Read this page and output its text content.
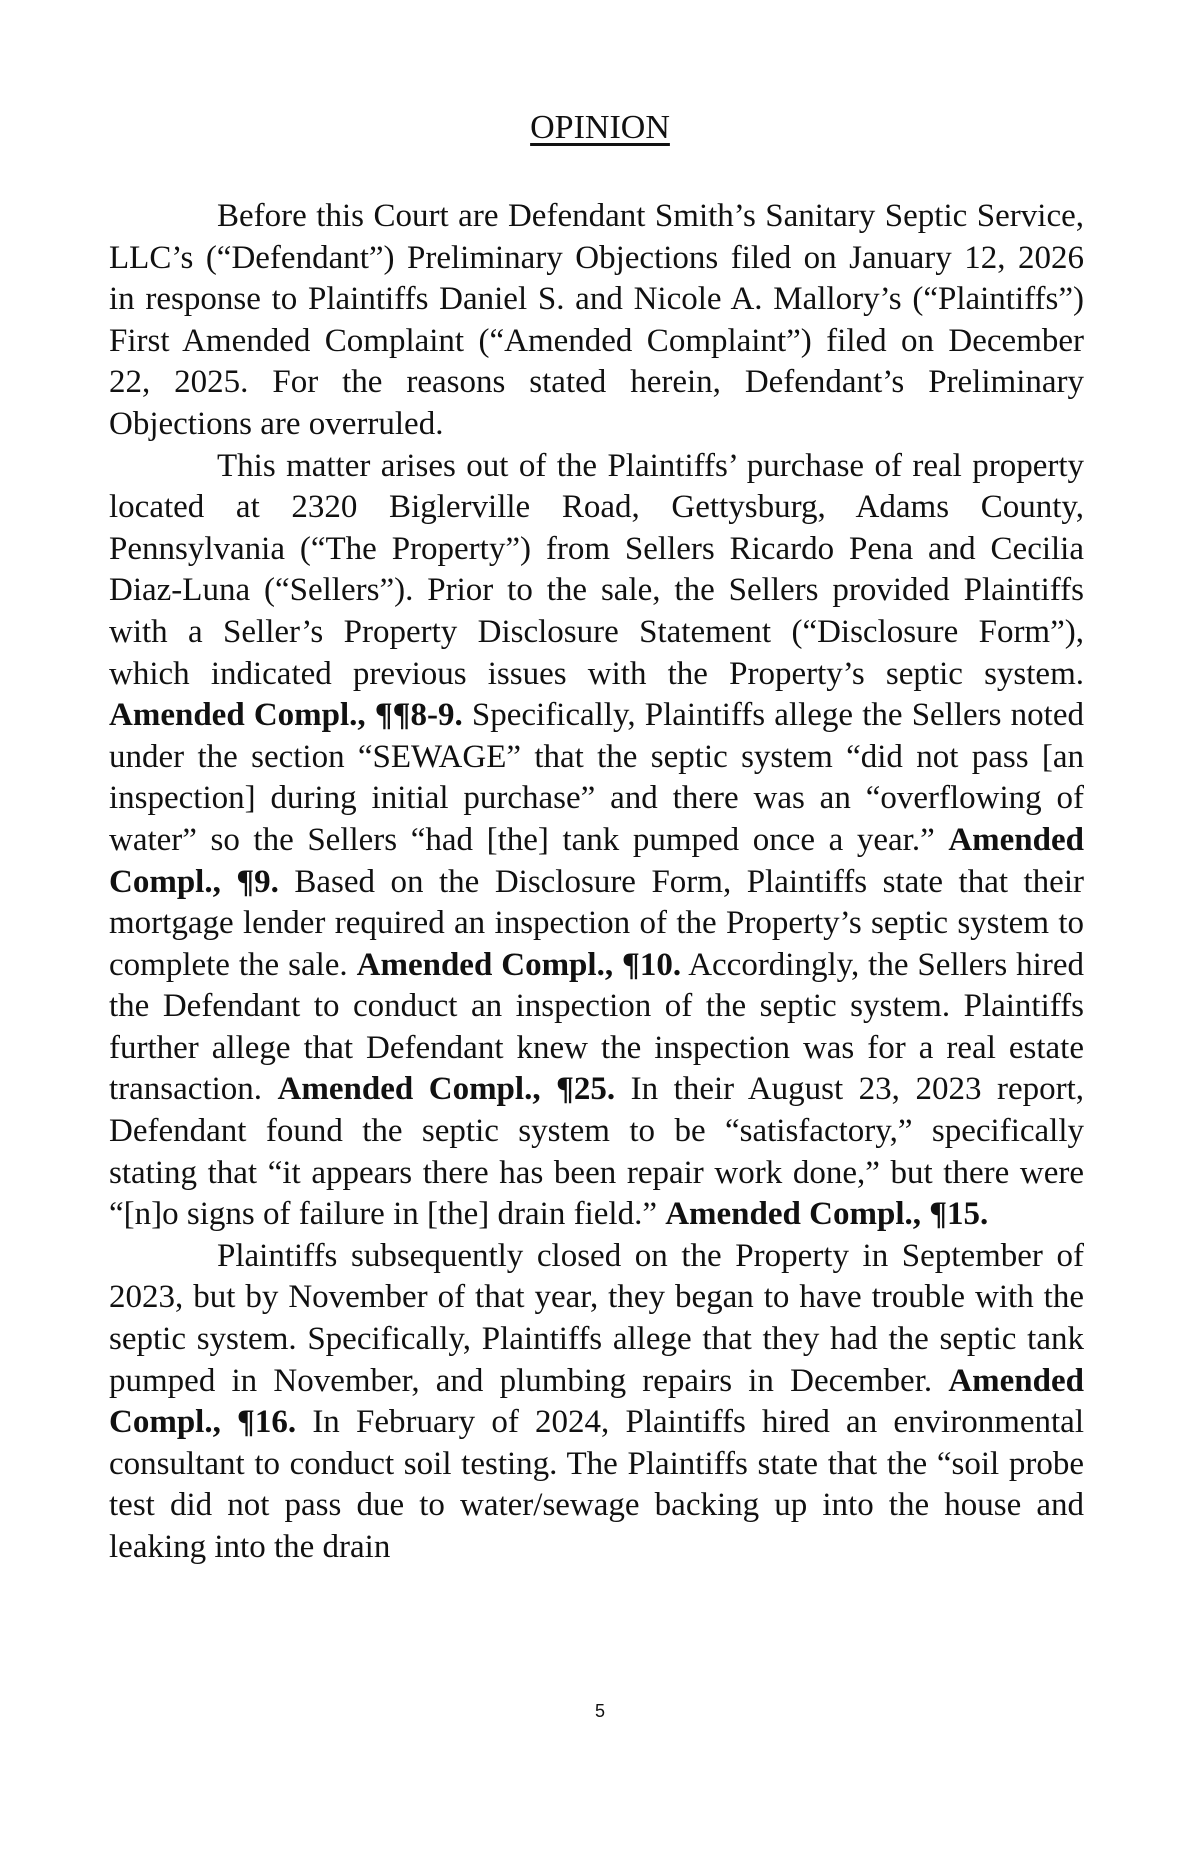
OPINION

Before this Court are Defendant Smith’s Sanitary Septic Service, LLC’s (“Defendant”) Preliminary Objections filed on January 12, 2026 in response to Plaintiffs Daniel S. and Nicole A. Mallory’s (“Plaintiffs”) First Amended Complaint (“Amended Complaint”) filed on December 22, 2025. For the reasons stated herein, Defendant’s Preliminary Objections are overruled.

This matter arises out of the Plaintiffs’ purchase of real property located at 2320 Biglerville Road, Gettysburg, Adams County, Pennsylvania (“The Property”) from Sellers Ricardo Pena and Cecilia Diaz-Luna (“Sellers”). Prior to the sale, the Sellers provided Plaintiffs with a Seller’s Property Disclosure Statement (“Disclosure Form”), which indicated previous issues with the Property’s septic system. Amended Compl., ¶¶8-9. Specifically, Plaintiffs allege the Sellers noted under the section “SEWAGE” that the septic system “did not pass [an inspection] during initial purchase” and there was an “overflowing of water” so the Sellers “had [the] tank pumped once a year.” Amended Compl., ¶9. Based on the Disclosure Form, Plaintiffs state that their mortgage lender required an inspection of the Property’s septic system to complete the sale. Amended Compl., ¶10. Accordingly, the Sellers hired the Defendant to conduct an inspection of the septic system. Plaintiffs further allege that Defendant knew the inspection was for a real estate transaction. Amended Compl., ¶25. In their August 23, 2023 report, Defendant found the septic system to be “satisfactory,” specifically stating that “it appears there has been repair work done,” but there were “[n]o signs of failure in [the] drain field.” Amended Compl., ¶15.

Plaintiffs subsequently closed on the Property in September of 2023, but by November of that year, they began to have trouble with the septic system. Specifically, Plaintiffs allege that they had the septic tank pumped in November, and plumbing repairs in December. Amended Compl., ¶16. In February of 2024, Plaintiffs hired an environmental consultant to conduct soil testing. The Plaintiffs state that the “soil probe test did not pass due to water/sewage backing up into the house and leaking into the drain

5
